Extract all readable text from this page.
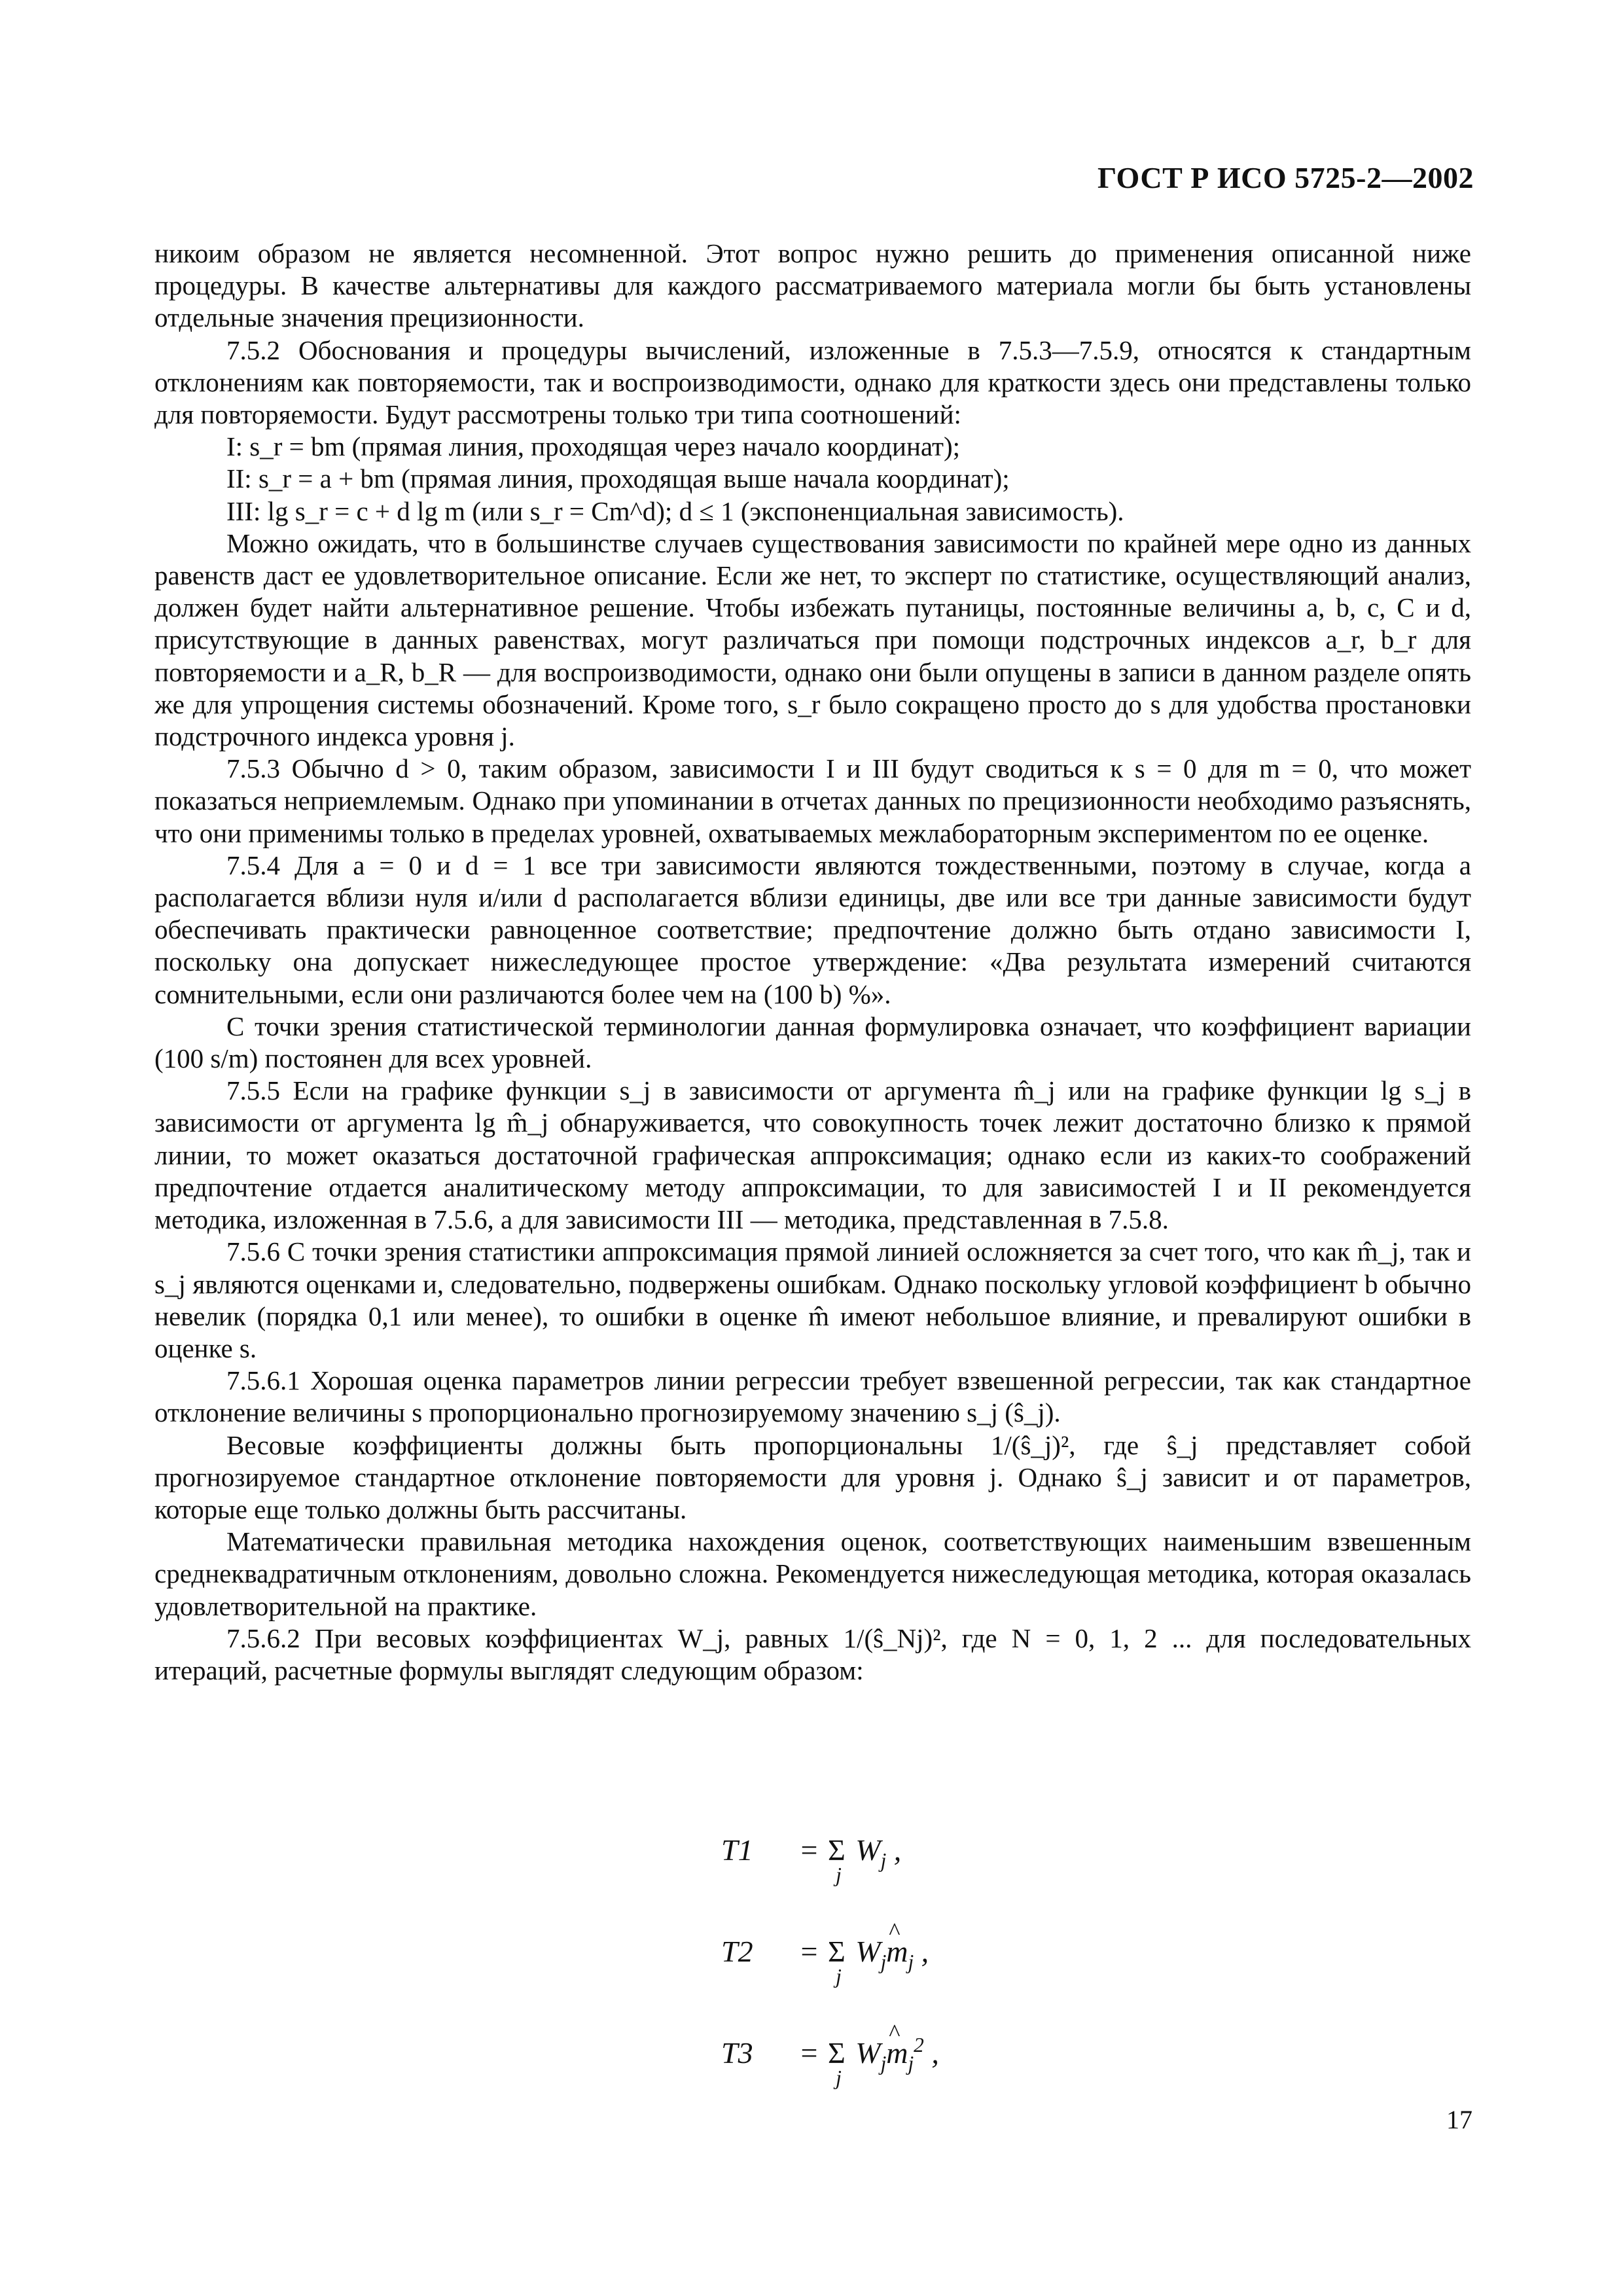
ГОСТ Р ИСО 5725-2—2002

никоим образом не является несомненной. Этот вопрос нужно решить до применения описанной ниже процедуры. В качестве альтернативы для каждого рассматриваемого материала могли бы быть установлены отдельные значения прецизионности.

7.5.2 Обоснования и процедуры вычислений, изложенные в 7.5.3—7.5.9, относятся к стандартным отклонениям как повторяемости, так и воспроизводимости, однако для краткости здесь они представлены только для повторяемости. Будут рассмотрены только три типа соотношений:

I: s_r = bm (прямая линия, проходящая через начало координат);

II: s_r = a + bm (прямая линия, проходящая выше начала координат);

III: lg s_r = c + d lg m (или s_r = Cm^d); d ≤ 1 (экспоненциальная зависимость).

Можно ожидать, что в большинстве случаев существования зависимости по крайней мере одно из данных равенств даст ее удовлетворительное описание. Если же нет, то эксперт по статистике, осуществляющий анализ, должен будет найти альтернативное решение. Чтобы избежать путаницы, постоянные величины a, b, c, C и d, присутствующие в данных равенствах, могут различаться при помощи подстрочных индексов a_r, b_r для повторяемости и a_R, b_R — для воспроизводимости, однако они были опущены в записи в данном разделе опять же для упрощения системы обозначений. Кроме того, s_r было сокращено просто до s для удобства простановки подстрочного индекса уровня j.

7.5.3 Обычно d > 0, таким образом, зависимости I и III будут сводиться к s = 0 для m = 0, что может показаться неприемлемым. Однако при упоминании в отчетах данных по прецизионности необходимо разъяснять, что они применимы только в пределах уровней, охватываемых межлабораторным экспериментом по ее оценке.

7.5.4 Для a = 0 и d = 1 все три зависимости являются тождественными, поэтому в случае, когда a располагается вблизи нуля и/или d располагается вблизи единицы, две или все три данные зависимости будут обеспечивать практически равноценное соответствие; предпочтение должно быть отдано зависимости I, поскольку она допускает нижеследующее простое утверждение: «Два результата измерений считаются сомнительными, если они различаются более чем на (100 b) %».

С точки зрения статистической терминологии данная формулировка означает, что коэффициент вариации (100 s/m) постоянен для всех уровней.

7.5.5 Если на графике функции s_j в зависимости от аргумента m̂_j или на графике функции lg s_j в зависимости от аргумента lg m̂_j обнаруживается, что совокупность точек лежит достаточно близко к прямой линии, то может оказаться достаточной графическая аппроксимация; однако если из каких-то соображений предпочтение отдается аналитическому методу аппроксимации, то для зависимостей I и II рекомендуется методика, изложенная в 7.5.6, а для зависимости III — методика, представленная в 7.5.8.

7.5.6 С точки зрения статистики аппроксимация прямой линией осложняется за счет того, что как m̂_j, так и s_j являются оценками и, следовательно, подвержены ошибкам. Однако поскольку угловой коэффициент b обычно невелик (порядка 0,1 или менее), то ошибки в оценке m̂ имеют небольшое влияние, и превалируют ошибки в оценке s.

7.5.6.1 Хорошая оценка параметров линии регрессии требует взвешенной регрессии, так как стандартное отклонение величины s пропорционально прогнозируемому значению s_j (ŝ_j).

Весовые коэффициенты должны быть пропорциональны 1/(ŝ_j)², где ŝ_j представляет собой прогнозируемое стандартное отклонение повторяемости для уровня j. Однако ŝ_j зависит и от параметров, которые еще только должны быть рассчитаны.

Математически правильная методика нахождения оценок, соответствующих наименьшим взвешенным среднеквадратичным отклонениям, довольно сложна. Рекомендуется нижеследующая методика, которая оказалась удовлетворительной на практике.

7.5.6.2 При весовых коэффициентах W_j, равных 1/(ŝ_Nj)², где N = 0, 1, 2 ... для последовательных итераций, расчетные формулы выглядят следующим образом:

T1 = Σ
j
$W_j$ ,
T2 = Σ
j
$W_j\^{}$ $m_j$ ,
T3 = Σ
j
$W_j\^{}$ $m_j^2$ ,
17
